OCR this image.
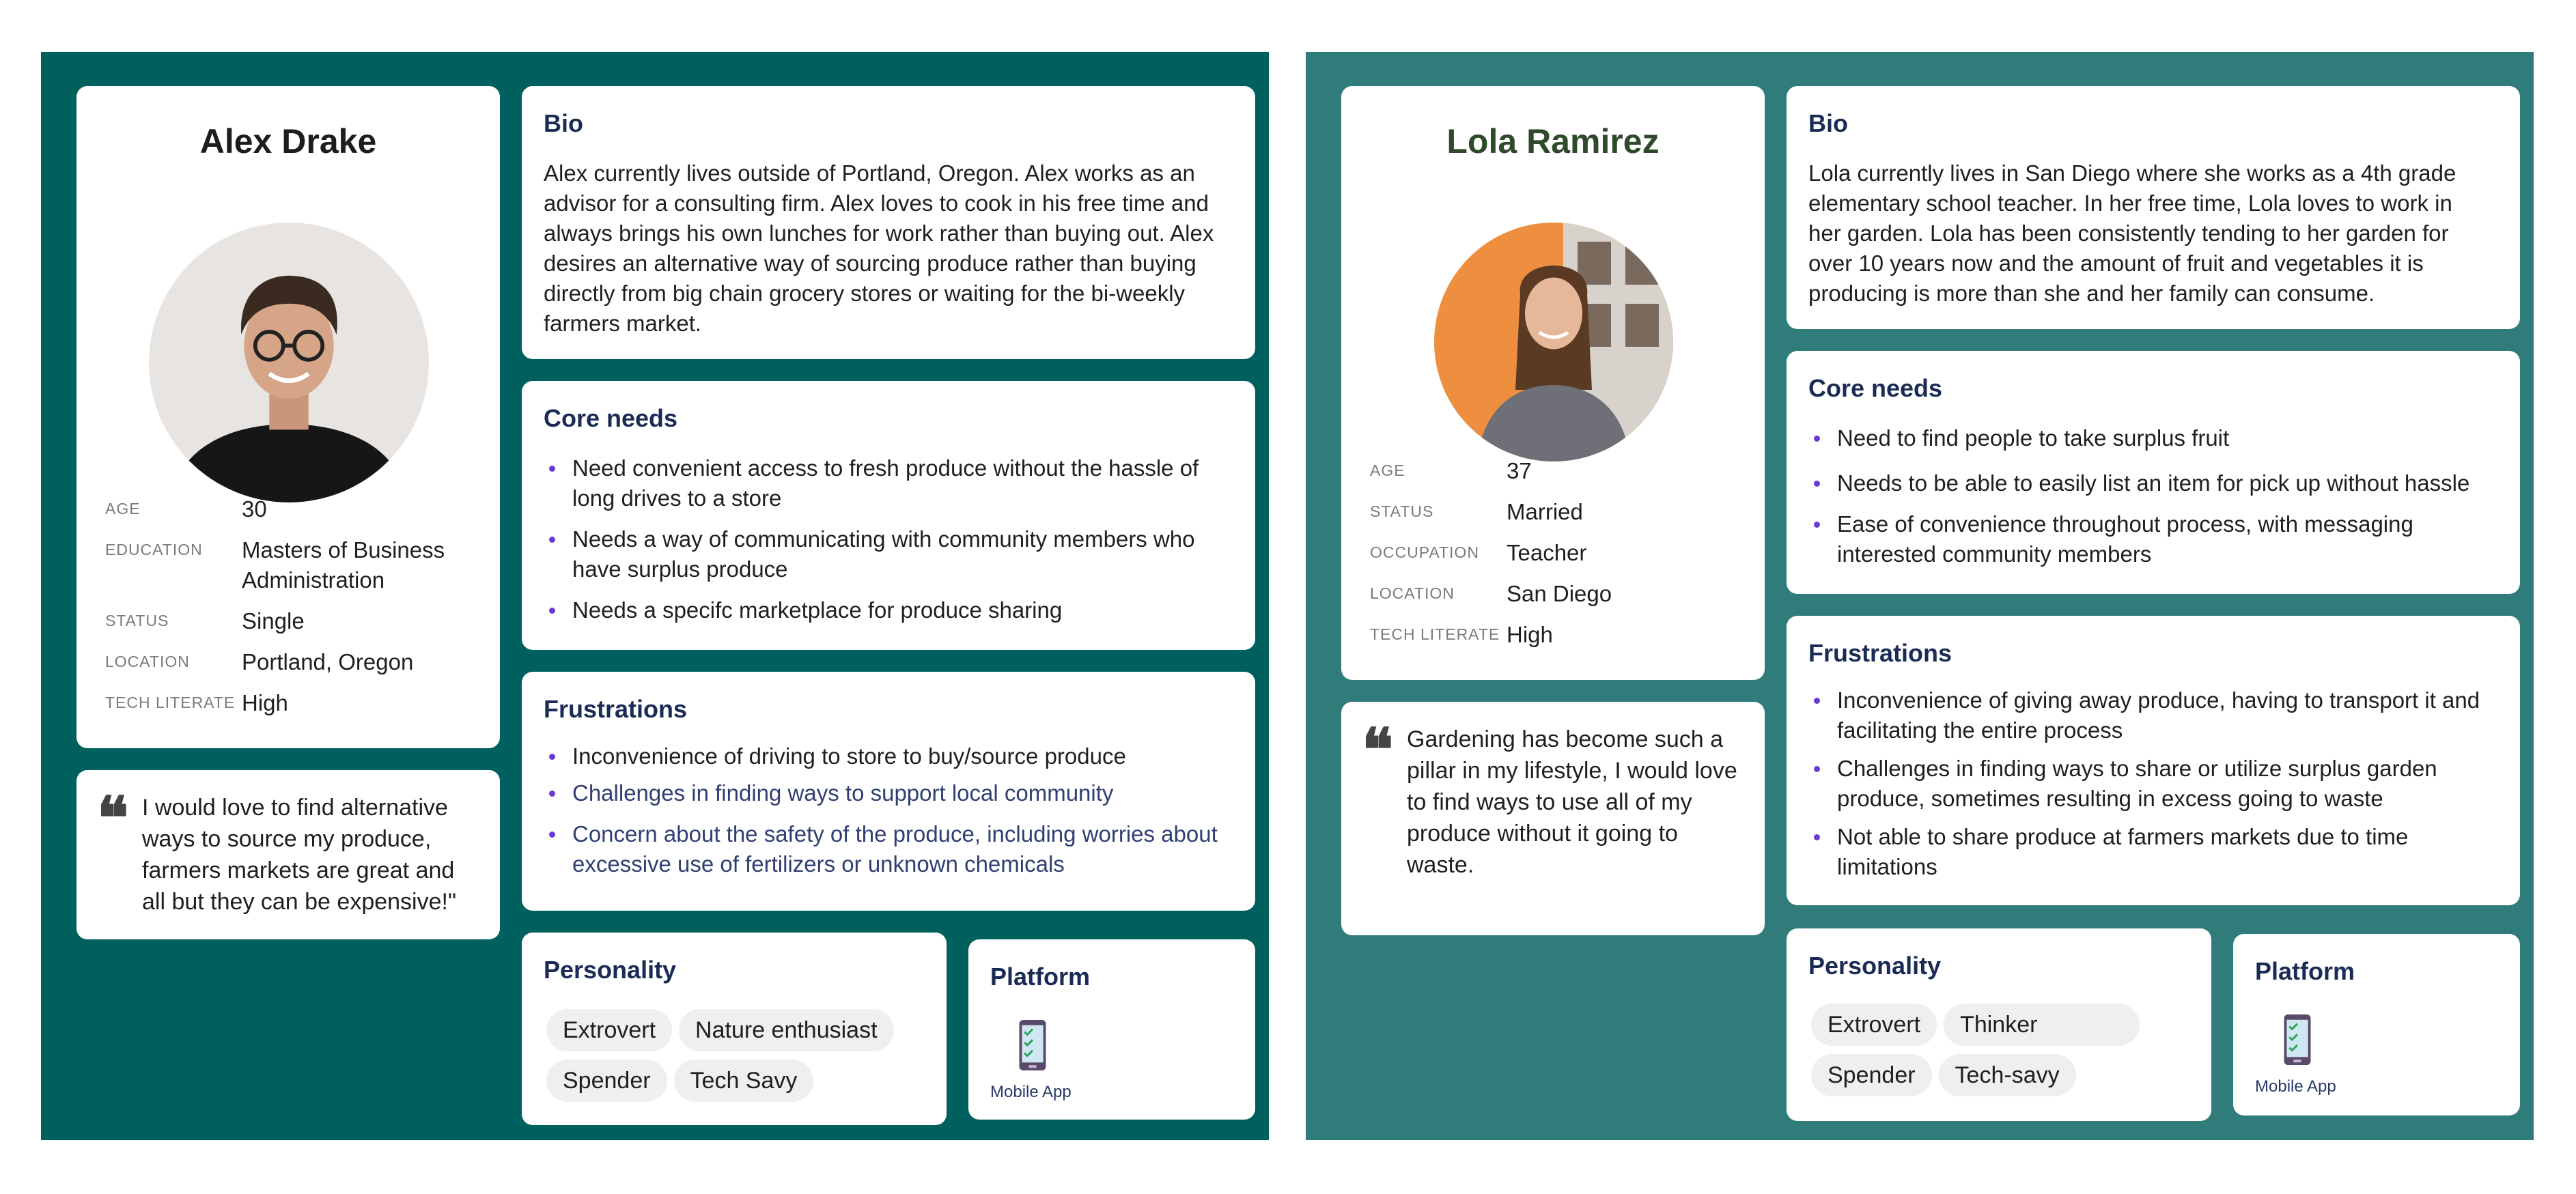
Alex Drake
AGE	30
EDUCATION Masters of Business Administration
STATUS	Single
LOCATION Portland, Oregon
TECH LITERATE High
❝ I would love to find alternative ways to source my produce, farmers markets are great and all but they can be expensive!"
Bio
Alex currently lives outside of Portland, Oregon. Alex works as an advisor for a consulting firm. Alex loves to cook in his free time and always brings his own lunches for work rather than buying out. Alex desires an alternative way of sourcing produce rather than buying directly from big chain grocery stores or waiting for the bi-weekly farmers market.
Core needs
Need convenient access to fresh produce without the hassle of long drives to a store
Needs a way of communicating with community members who have surplus produce
Needs a specifc marketplace for produce sharing
Frustrations
Inconvenience of driving to store to buy/source produce
Challenges in finding ways to support local community
Concern about the safety of the produce, including worries about excessive use of fertilizers or unknown chemicals
Personality
Extrovert Nature enthusiast
Spender Tech Savy
Platform
Mobile App
Lola Ramirez
AGE	37
STATUS	Married
OCCUPATION Teacher
LOCATION San Diego
TECH LITERATE High
❝ Gardening has become such a pillar in my lifestyle, I would love to find ways to use all of my produce without it going to waste.
Bio
Lola currently lives in San Diego where she works as a 4th grade elementary school teacher. In her free time, Lola loves to work in her garden. Lola has been consistently tending to her garden for over 10 years now and the amount of fruit and vegetables it is producing is more than she and her family can consume.
Core needs
Need to find people to take surplus fruit
Needs to be able to easily list an item for pick up without hassle
Ease of convenience throughout process, with messaging interested community members
Frustrations
Inconvenience of giving away produce, having to transport it and facilitating the entire process
Challenges in finding ways to share or utilize surplus garden produce, sometimes resulting in excess going to waste
Not able to share produce at farmers markets due to time limitations
Personality
Extrovert Thinker
Spender Tech-savy
Platform
Mobile App
